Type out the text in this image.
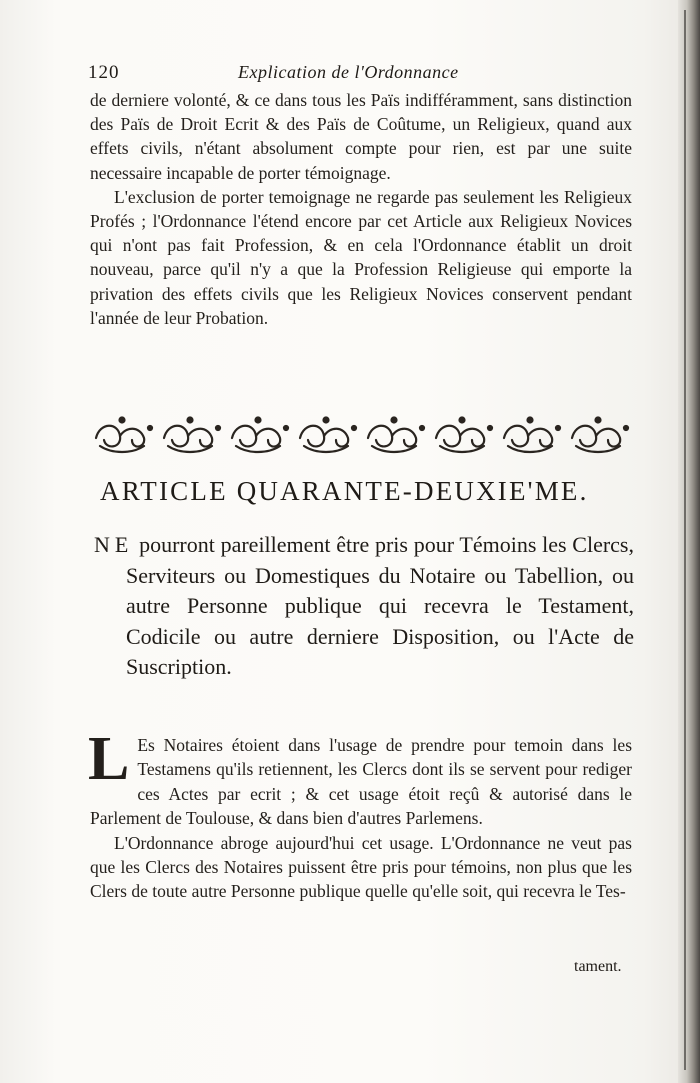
120	Explication de l'Ordonnance

de derniere volonté, & ce dans tous les Païs indifféramment, sans distinction des Païs de Droit Ecrit & des Païs de Coûtume, un Religieux, quand aux effets civils, n'étant absolument compte pour rien, est par une suite necessaire incapable de porter témoignage.

L'exclusion de porter temoignage ne regarde pas seulement les Religieux Profés ; l'Ordonnance l'étend encore par cet Article aux Religieux Novices qui n'ont pas fait Profession, & en cela l'Ordonnance établit un droit nouveau, parce qu'il n'y a que la Profession Religieuse qui emporte la privation des effets civils que les Religieux Novices conservent pendant l'année de leur Probation.

ARTICLE QUARANTE-DEUXIE'ME.

NE pourront pareillement être pris pour Témoins les Clercs, Serviteurs ou Domestiques du Notaire ou Tabellion, ou autre Personne publique qui recevra le Testament, Codicile ou autre derniere Disposition, ou l'Acte de Suscription.

L Es Notaires étoient dans l'usage de prendre pour temoin dans les Testamens qu'ils retiennent, les Clercs dont ils se servent pour rediger ces Actes par ecrit ; & cet usage étoit reçû & autorisé dans le Parlement de Toulouse, & dans bien d'autres Parlemens.

L'Ordonnance abroge aujourd'hui cet usage. L'Ordonnance ne veut pas que les Clercs des Notaires puissent être pris pour témoins, non plus que les Clers de toute autre Personne publique quelle qu'elle soit, qui recevra le Tes-

tament.
